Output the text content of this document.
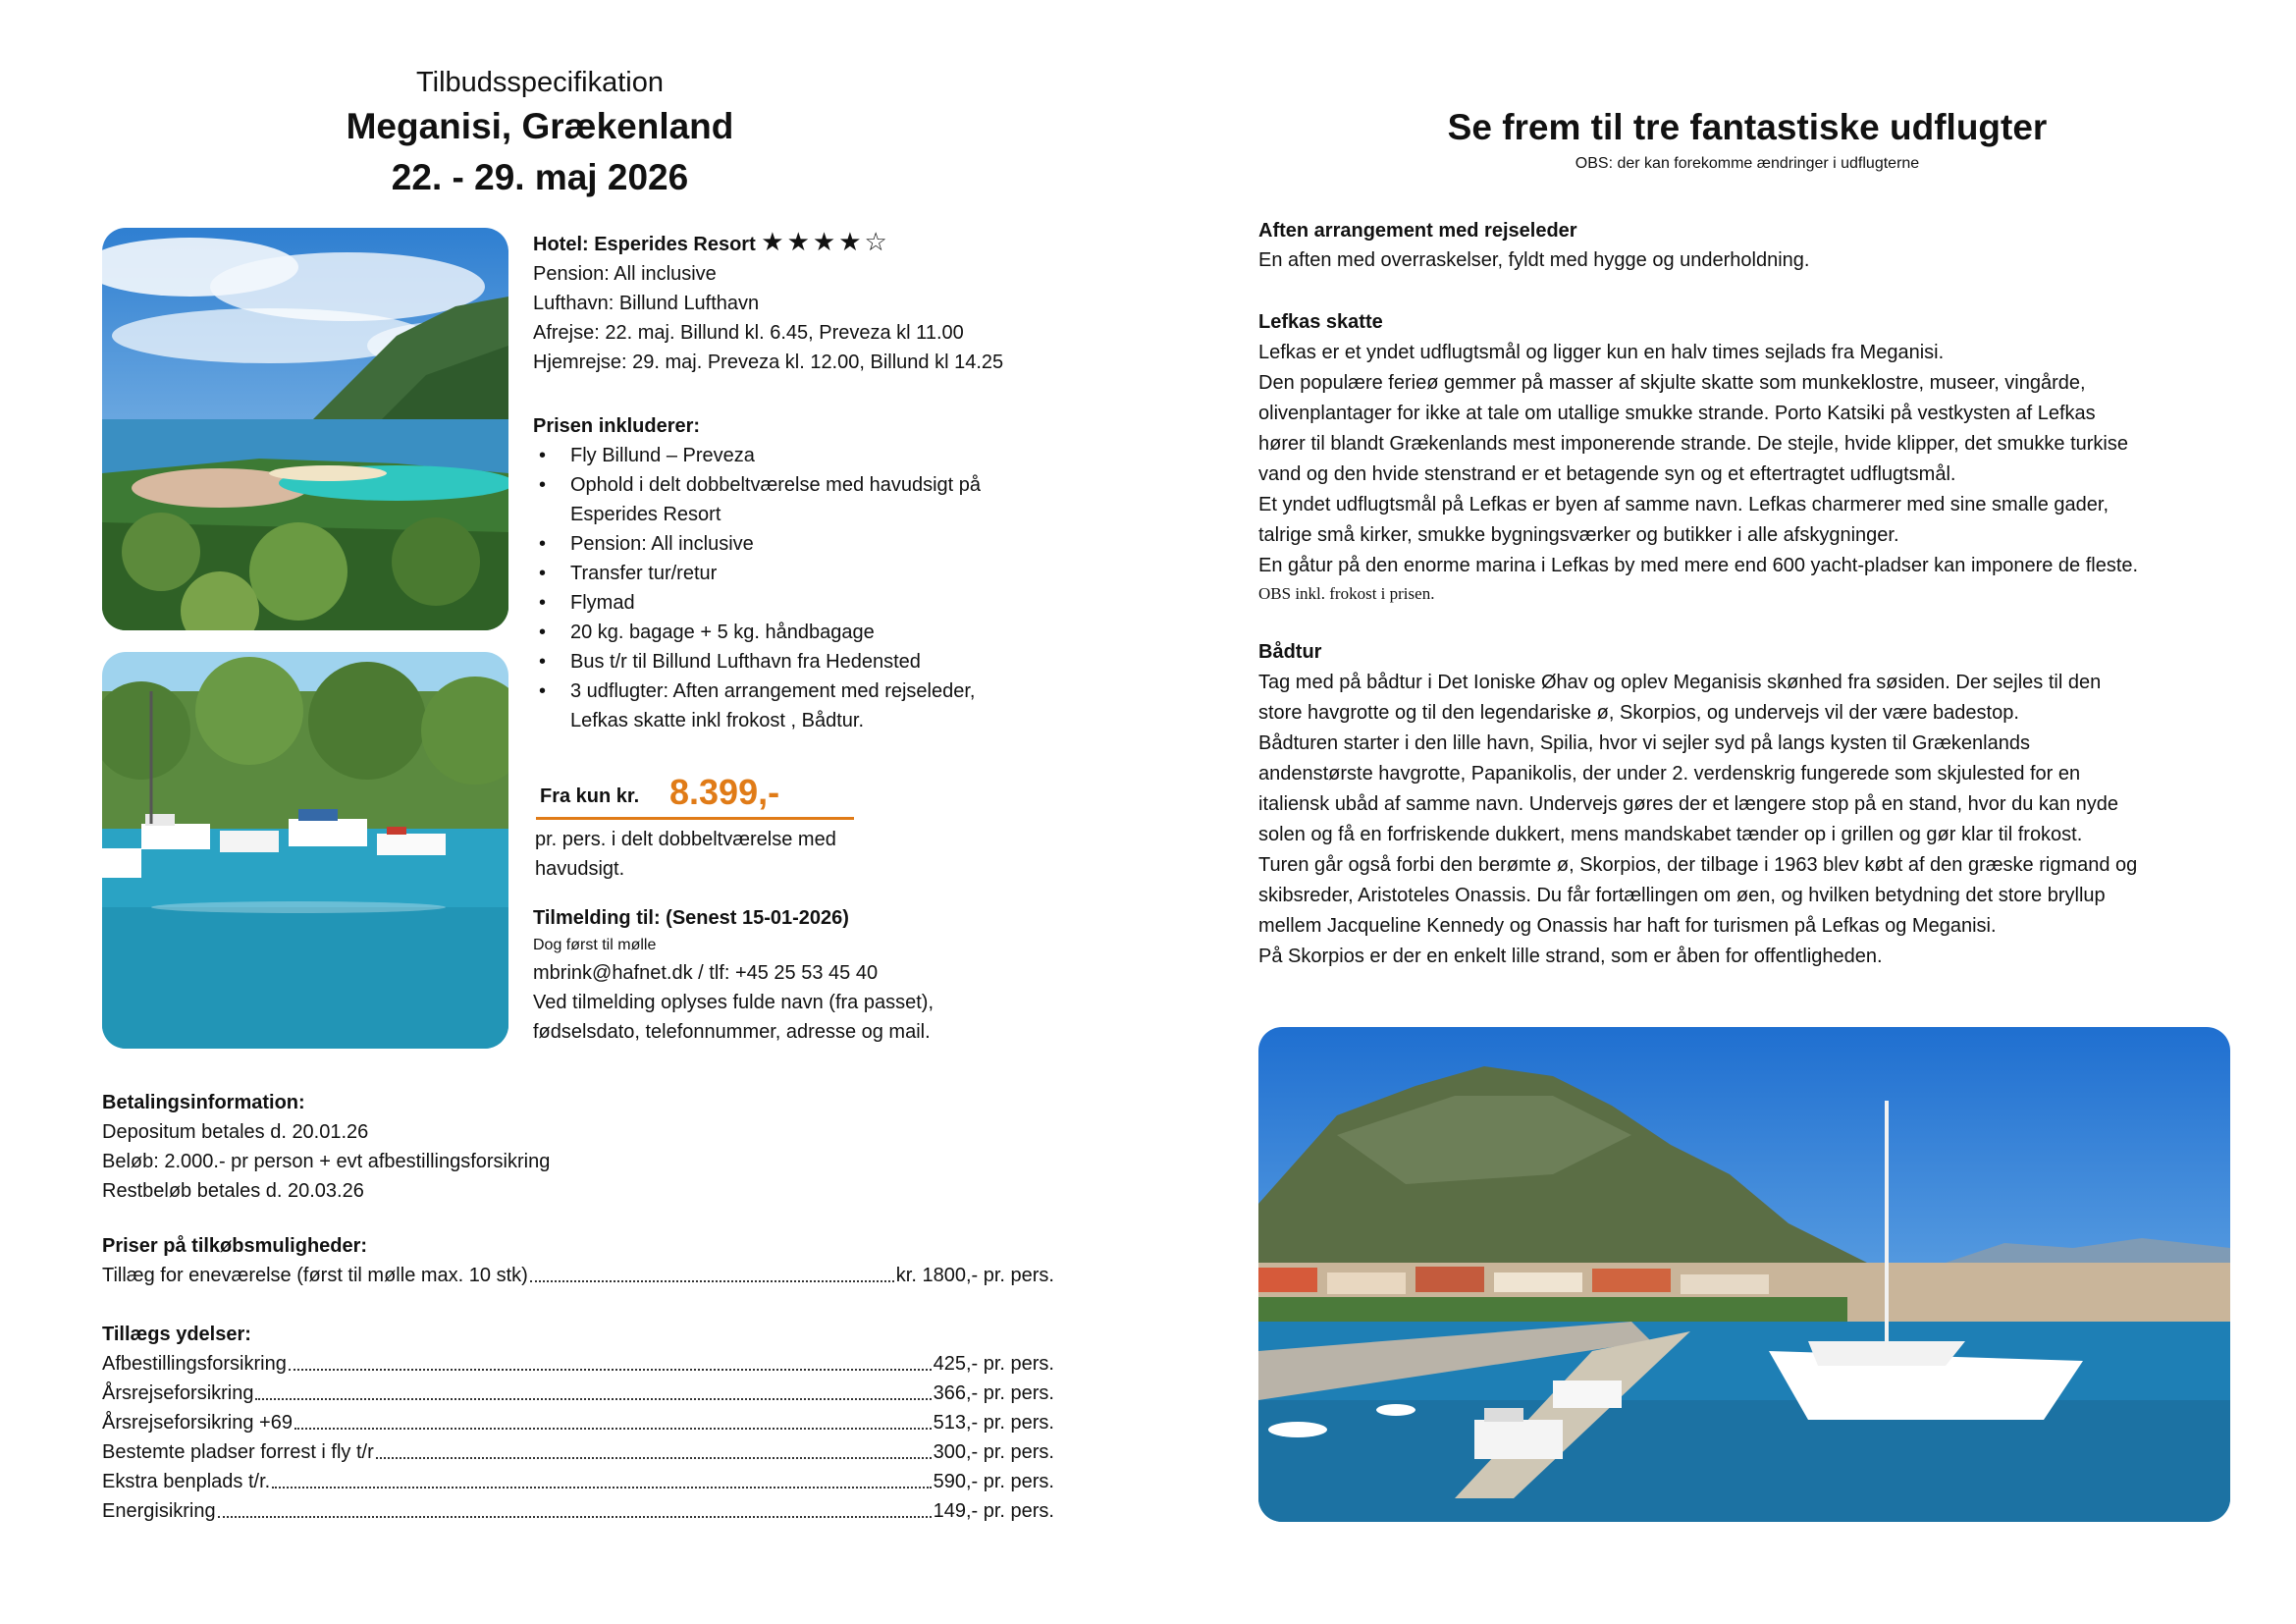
Tilbudsspecifikation
Meganisi, Grækenland
22. - 29. maj 2026
Hotel: Esperides Resort ★★★★☆
Pension: All inclusive
Lufthavn: Billund Lufthavn
Afrejse: 22. maj. Billund kl. 6.45, Preveza kl 11.00
Hjemrejse: 29. maj. Preveza kl. 12.00, Billund kl 14.25
Prisen inkluderer:
• Fly Billund – Preveza
• Ophold i delt dobbeltværelse med havudsigt på
Esperides Resort
• Pension: All inclusive
• Transfer tur/retur
• Flymad
• 20 kg. bagage + 5 kg. håndbagage
• Bus t/r til Billund Lufthavn fra Hedensted
• 3 udflugter: Aften arrangement med rejseleder,
Lefkas skatte inkl frokost , Bådtur.
Fra kun kr. 8.399,-
pr. pers. i delt dobbeltværelse med
havudsigt.
Tilmelding til: (Senest 15-01-2026)
Dog først til mølle
mbrink@hafnet.dk / tlf: +45 25 53 45 40
Ved tilmelding oplyses fulde navn (fra passet),
fødselsdato, telefonnummer, adresse og mail.
Betalingsinformation:
Depositum betales d. 20.01.26
Beløb: 2.000.- pr person + evt afbestillingsforsikring
Restbeløb betales d. 20.03.26
Priser på tilkøbsmuligheder:
Tillæg for eneværelse (først til mølle max. 10 stk)	kr. 1800,- pr. pers.
Tillægs ydelser:
Afbestillingsforsikring	425,- pr. pers.
Årsrejseforsikring	366,- pr. pers.
Årsrejseforsikring +69	513,- pr. pers.
Bestemte pladser forrest i fly t/r	300,- pr. pers.
Ekstra benplads t/r.	590,- pr. pers.
Energisikring	149,- pr. pers.
Se frem til tre fantastiske udflugter
OBS: der kan forekomme ændringer i udflugterne
Aften arrangement med rejseleder
En aften med overraskelser, fyldt med hygge og underholdning.
Lefkas skatte
Lefkas er et yndet udflugtsmål og ligger kun en halv times sejlads fra Meganisi.
Den populære ferieø gemmer på masser af skjulte skatte som munkeklostre, museer, vingårde,
olivenplantager for ikke at tale om utallige smukke strande. Porto Katsiki på vestkysten af Lefkas
hører til blandt Grækenlands mest imponerende strande. De stejle, hvide klipper, det smukke turkise
vand og den hvide stenstrand er et betagende syn og et eftertragtet udflugtsmål.
Et yndet udflugtsmål på Lefkas er byen af samme navn. Lefkas charmerer med sine smalle gader,
talrige små kirker, smukke bygningsværker og butikker i alle afskygninger.
En gåtur på den enorme marina i Lefkas by med mere end 600 yacht-pladser kan imponere de fleste.
OBS inkl. frokost i prisen.
Bådtur
Tag med på bådtur i Det Ioniske Øhav og oplev Meganisis skønhed fra søsiden. Der sejles til den
store havgrotte og til den legendariske ø, Skorpios, og undervejs vil der være badestop.
Bådturen starter i den lille havn, Spilia, hvor vi sejler syd på langs kysten til Grækenlands
andenstørste havgrotte, Papanikolis, der under 2. verdenskrig fungerede som skjulested for en
italiensk ubåd af samme navn. Undervejs gøres der et længere stop på en stand, hvor du kan nyde
solen og få en forfriskende dukkert, mens mandskabet tænder op i grillen og gør klar til frokost.
Turen går også forbi den berømte ø, Skorpios, der tilbage i 1963 blev købt af den græske rigmand og
skibsreder, Aristoteles Onassis. Du får fortællingen om øen, og hvilken betydning det store bryllup
mellem Jacqueline Kennedy og Onassis har haft for turismen på Lefkas og Meganisi.
På Skorpios er der en enkelt lille strand, som er åben for offentligheden.
